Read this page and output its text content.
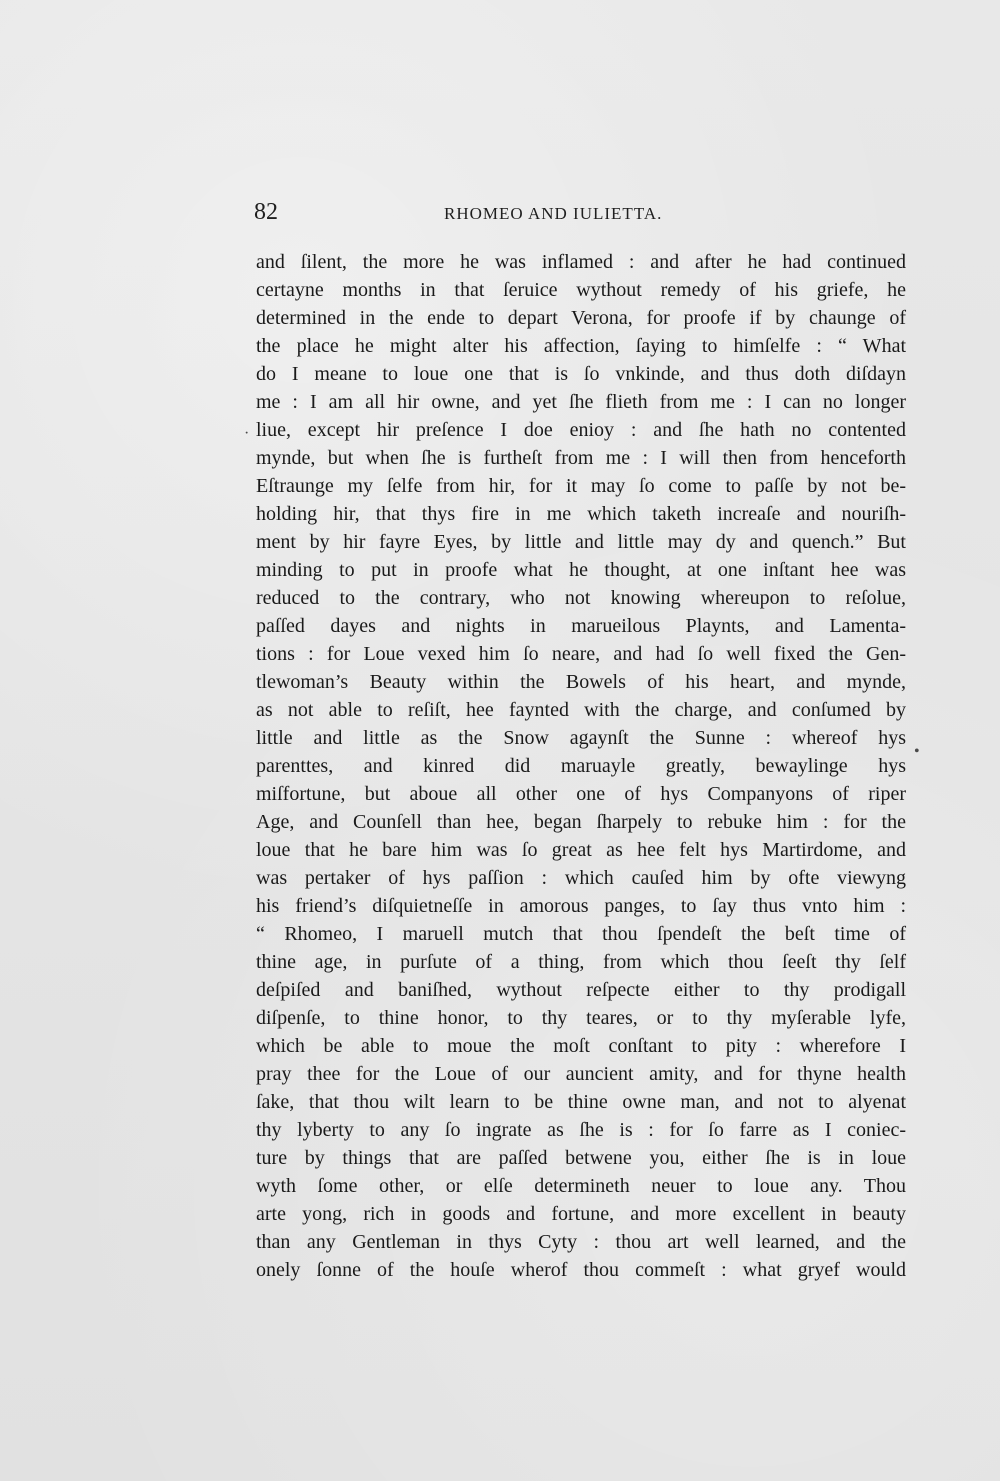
82	RHOMEO AND IULIETTA.
and ſilent, the more he was inflamed : and after he had continued
certayne months in that ſeruice wythout remedy of his griefe, he
determined in the ende to depart Verona, for proofe if by chaunge of
the place he might alter his affection, ſaying to himſelfe : “ What
do I meane to loue one that is ſo vnkinde, and thus doth diſdayn
me : I am all hir owne, and yet ſhe flieth from me : I can no longer
liue, except hir preſence I doe enioy : and ſhe hath no contented
mynde, but when ſhe is furtheſt from me : I will then from henceforth
Eſtraunge my ſelfe from hir, for it may ſo come to paſſe by not be-
holding hir, that thys fire in me which taketh increaſe and nouriſh-
ment by hir fayre Eyes, by little and little may dy and quench.” But
minding to put in proofe what he thought, at one inſtant hee was
reduced to the contrary, who not knowing whereupon to reſolue,
paſſed dayes and nights in marueilous Playnts, and Lamenta-
tions : for Loue vexed him ſo neare, and had ſo well fixed the Gen-
tlewoman’s Beauty within the Bowels of his heart, and mynde,
as not able to reſiſt, hee faynted with the charge, and conſumed by
little and little as the Snow agaynſt the Sunne : whereof hys
parenttes, and kinred did maruayle greatly, bewaylinge hys
miſfortune, but aboue all other one of hys Companyons of riper
Age, and Counſell than hee, began ſharpely to rebuke him : for the
loue that he bare him was ſo great as hee felt hys Martirdome, and
was pertaker of hys paſſion : which cauſed him by ofte viewyng
his friend’s diſquietneſſe in amorous panges, to ſay thus vnto him :
“ Rhomeo, I maruell mutch that thou ſpendeſt the beſt time of
thine age, in purſute of a thing, from which thou ſeeſt thy ſelf
deſpiſed and baniſhed, wythout reſpecte either to thy prodigall
diſpenſe, to thine honor, to thy teares, or to thy myſerable lyfe,
which be able to moue the moſt conſtant to pity : wherefore I
pray thee for the Loue of our auncient amity, and for thyne health
ſake, that thou wilt learn to be thine owne man, and not to alyenat
thy lyberty to any ſo ingrate as ſhe is : for ſo farre as I coniec-
ture by things that are paſſed betwene you, either ſhe is in loue
wyth ſome other, or elſe determineth neuer to loue any. Thou
arte yong, rich in goods and fortune, and more excellent in beauty
than any Gentleman in thys Cyty : thou art well learned, and the
onely ſonne of the houſe wherof thou commeſt : what gryef would
·
•
